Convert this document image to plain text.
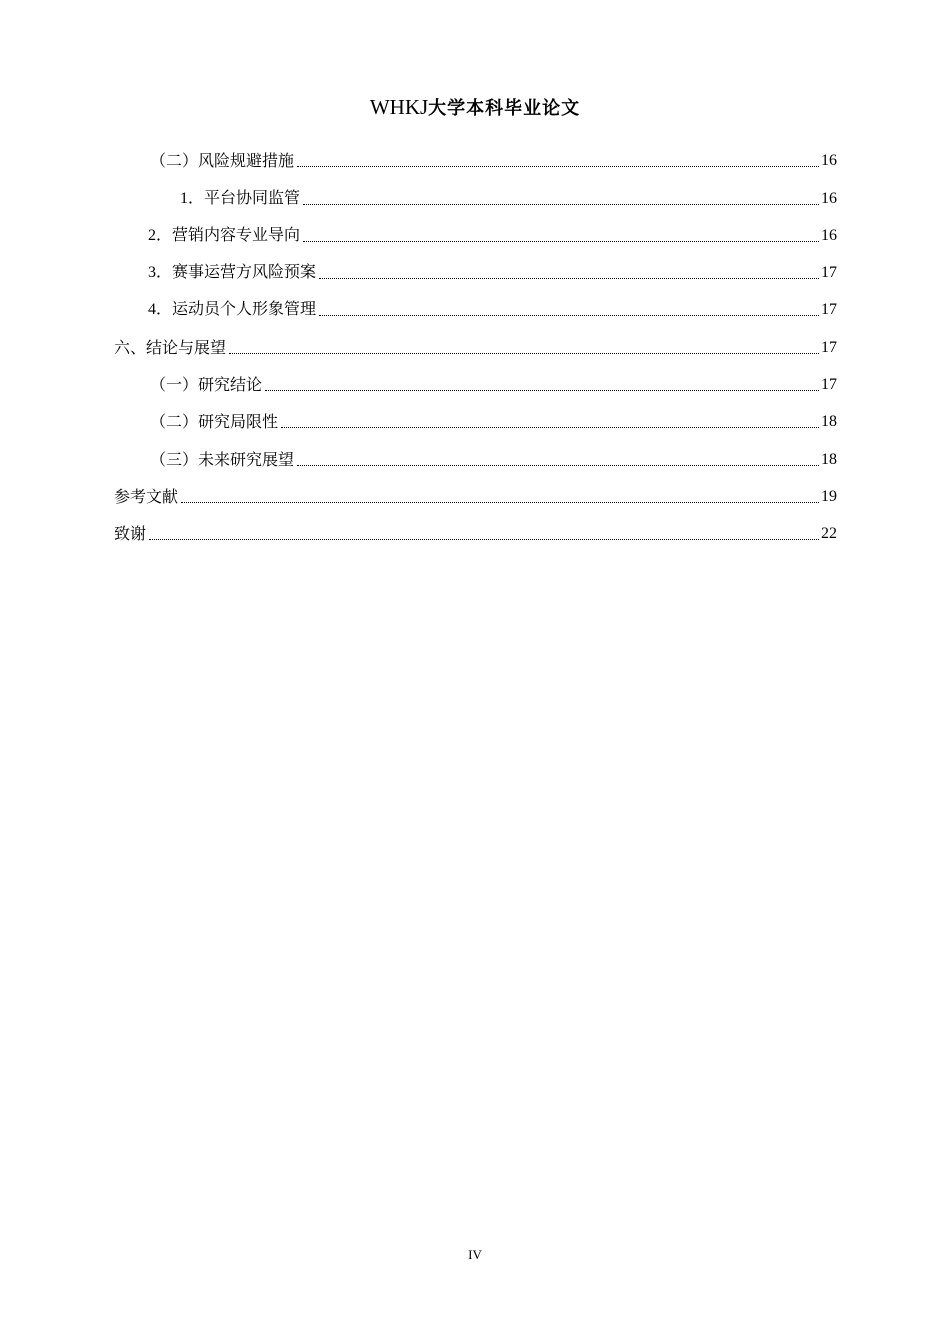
WHKJ大学本科毕业论文
（二）风险规避措施	16
1．平台协同监管	16
2．营销内容专业导向	16
3．赛事运营方风险预案	17
4．运动员个人形象管理	17
六、结论与展望	17
（一）研究结论	17
（二）研究局限性	18
（三）未来研究展望	18
参考文献	19
致谢	22
IV
